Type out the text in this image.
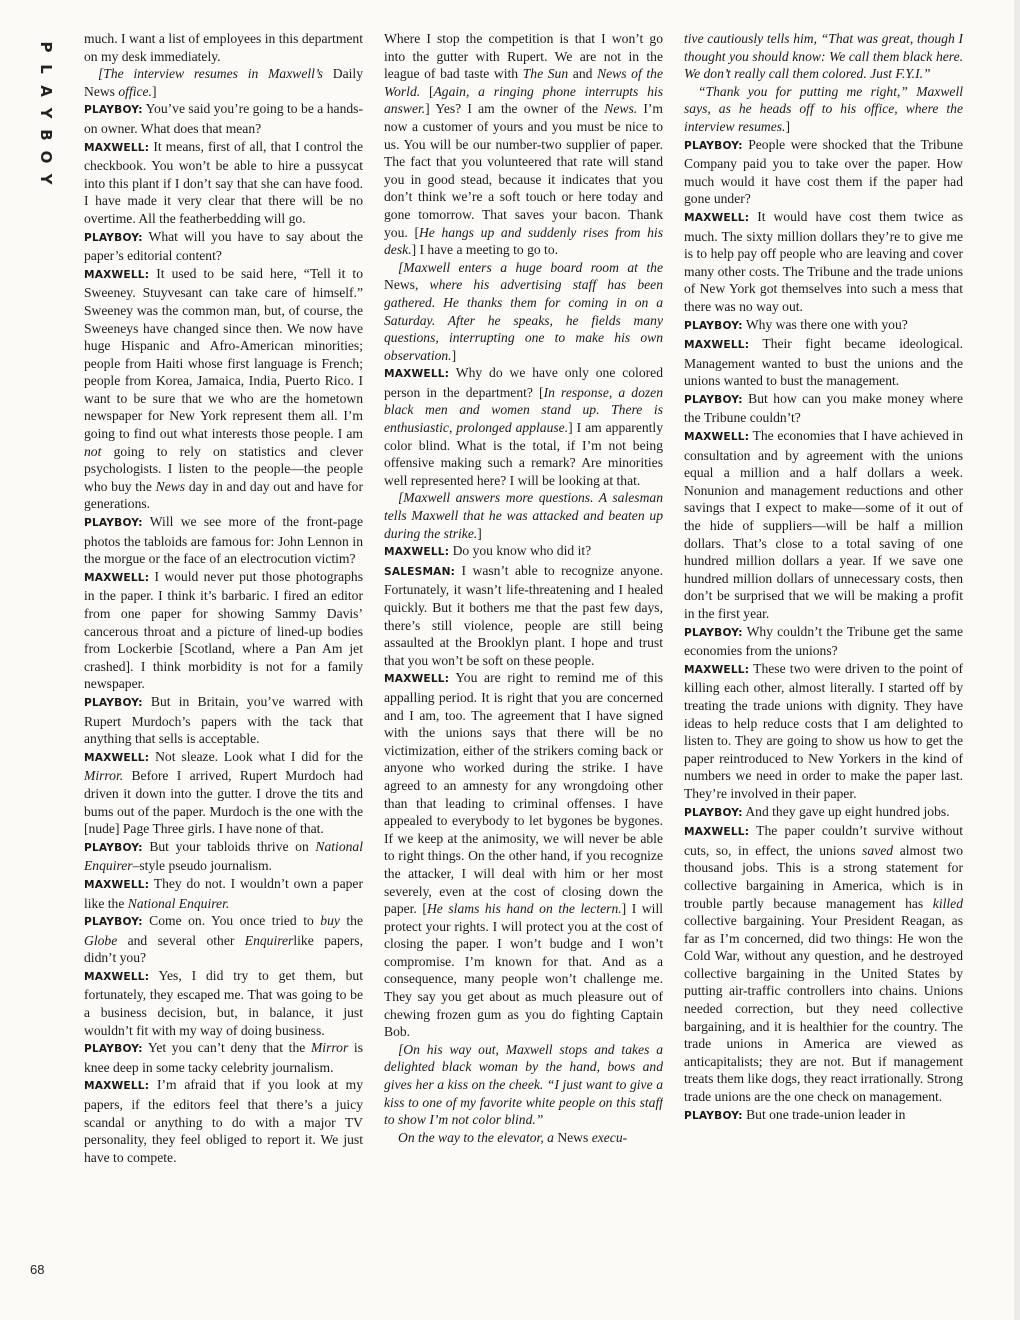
P
L
A
Y
B
O
Y
68

much. I want a list of employees in this department on my desk immediately.

[The interview resumes in Maxwell’s Daily News office.]

PLAYBOY: You’ve said you’re going to be a hands-on owner. What does that mean?

MAXWELL: It means, first of all, that I control the checkbook. You won’t be able to hire a pussycat into this plant if I don’t say that she can have food. I have made it very clear that there will be no overtime. All the featherbedding will go.

PLAYBOY: What will you have to say about the paper’s editorial content?

MAXWELL: It used to be said here, “Tell it to Sweeney. Stuyvesant can take care of himself.” Sweeney was the common man, but, of course, the Sweeneys have changed since then. We now have huge Hispanic and Afro-American minorities; people from Haiti whose first language is French; people from Korea, Jamaica, India, Puerto Rico. I want to be sure that we who are the hometown newspaper for New York represent them all. I’m going to find out what interests those people. I am not going to rely on statistics and clever psychologists. I listen to the people—the people who buy the News day in and day out and have for generations.

PLAYBOY: Will we see more of the front-page photos the tabloids are famous for: John Lennon in the morgue or the face of an electrocution victim?

MAXWELL: I would never put those photographs in the paper. I think it’s barbaric. I fired an editor from one paper for showing Sammy Davis’ cancerous throat and a picture of lined-up bodies from Lockerbie [Scotland, where a Pan Am jet crashed]. I think morbidity is not for a family newspaper.

PLAYBOY: But in Britain, you’ve warred with Rupert Murdoch’s papers with the tack that anything that sells is acceptable.

MAXWELL: Not sleaze. Look what I did for the Mirror. Before I arrived, Rupert Murdoch had driven it down into the gutter. I drove the tits and bums out of the paper. Murdoch is the one with the [nude] Page Three girls. I have none of that.

PLAYBOY: But your tabloids thrive on National Enquirer–style pseudo journalism.

MAXWELL: They do not. I wouldn’t own a paper like the National Enquirer.

PLAYBOY: Come on. You once tried to buy the Globe and several other Enquirerlike papers, didn’t you?

MAXWELL: Yes, I did try to get them, but fortunately, they escaped me. That was going to be a business decision, but, in balance, it just wouldn’t fit with my way of doing business.

PLAYBOY: Yet you can’t deny that the Mirror is knee deep in some tacky celebrity journalism.

MAXWELL: I’m afraid that if you look at my papers, if the editors feel that there’s a juicy scandal or anything to do with a major TV personality, they feel obliged to report it. We just have to compete.

Where I stop the competition is that I won’t go into the gutter with Rupert. We are not in the league of bad taste with The Sun and News of the World. [Again, a ringing phone interrupts his answer.] Yes? I am the owner of the News. I’m now a customer of yours and you must be nice to us. You will be our number-two supplier of paper. The fact that you volunteered that rate will stand you in good stead, because it indicates that you don’t think we’re a soft touch or here today and gone tomorrow. That saves your bacon. Thank you. [He hangs up and suddenly rises from his desk.] I have a meeting to go to.

[Maxwell enters a huge board room at the News, where his advertising staff has been gathered. He thanks them for coming in on a Saturday. After he speaks, he fields many questions, interrupting one to make his own observation.]

MAXWELL: Why do we have only one colored person in the department? [In response, a dozen black men and women stand up. There is enthusiastic, prolonged applause.] I am apparently color blind. What is the total, if I’m not being offensive making such a remark? Are minorities well represented here? I will be looking at that.

[Maxwell answers more questions. A salesman tells Maxwell that he was attacked and beaten up during the strike.]

MAXWELL: Do you know who did it?

SALESMAN: I wasn’t able to recognize anyone. Fortunately, it wasn’t life-threatening and I healed quickly. But it bothers me that the past few days, there’s still violence, people are still being assaulted at the Brooklyn plant. I hope and trust that you won’t be soft on these people.

MAXWELL: You are right to remind me of this appalling period. It is right that you are concerned and I am, too. The agreement that I have signed with the unions says that there will be no victimization, either of the strikers coming back or anyone who worked during the strike. I have agreed to an amnesty for any wrongdoing other than that leading to criminal offenses. I have appealed to everybody to let bygones be bygones. If we keep at the animosity, we will never be able to right things. On the other hand, if you recognize the attacker, I will deal with him or her most severely, even at the cost of closing down the paper. [He slams his hand on the lectern.] I will protect your rights. I will protect you at the cost of closing the paper. I won’t budge and I won’t compromise. I’m known for that. And as a consequence, many people won’t challenge me. They say you get about as much pleasure out of chewing frozen gum as you do fighting Captain Bob.

[On his way out, Maxwell stops and takes a delighted black woman by the hand, bows and gives her a kiss on the cheek. “I just want to give a kiss to one of my favorite white people on this staff to show I’m not color blind.”

On the way to the elevator, a News execu-

tive cautiously tells him, “That was great, though I thought you should know: We call them black here. We don’t really call them colored. Just F.Y.I.”

“Thank you for putting me right,” Maxwell says, as he heads off to his office, where the interview resumes.]

PLAYBOY: People were shocked that the Tribune Company paid you to take over the paper. How much would it have cost them if the paper had gone under?

MAXWELL: It would have cost them twice as much. The sixty million dollars they’re to give me is to help pay off people who are leaving and cover many other costs. The Tribune and the trade unions of New York got themselves into such a mess that there was no way out.

PLAYBOY: Why was there one with you?

MAXWELL: Their fight became ideological. Management wanted to bust the unions and the unions wanted to bust the management.

PLAYBOY: But how can you make money where the Tribune couldn’t?

MAXWELL: The economies that I have achieved in consultation and by agreement with the unions equal a million and a half dollars a week. Nonunion and management reductions and other savings that I expect to make—some of it out of the hide of suppliers—will be half a million dollars. That’s close to a total saving of one hundred million dollars a year. If we save one hundred million dollars of unnecessary costs, then don’t be surprised that we will be making a profit in the first year.

PLAYBOY: Why couldn’t the Tribune get the same economies from the unions?

MAXWELL: These two were driven to the point of killing each other, almost literally. I started off by treating the trade unions with dignity. They have ideas to help reduce costs that I am delighted to listen to. They are going to show us how to get the paper reintroduced to New Yorkers in the kind of numbers we need in order to make the paper last. They’re involved in their paper.

PLAYBOY: And they gave up eight hundred jobs.

MAXWELL: The paper couldn’t survive without cuts, so, in effect, the unions saved almost two thousand jobs. This is a strong statement for collective bargaining in America, which is in trouble partly because management has killed collective bargaining. Your President Reagan, as far as I’m concerned, did two things: He won the Cold War, without any question, and he destroyed collective bargaining in the United States by putting air-traffic controllers into chains. Unions needed correction, but they need collective bargaining, and it is healthier for the country. The trade unions in America are viewed as anticapitalists; they are not. But if management treats them like dogs, they react irrationally. Strong trade unions are the one check on management.

PLAYBOY: But one trade-union leader in
